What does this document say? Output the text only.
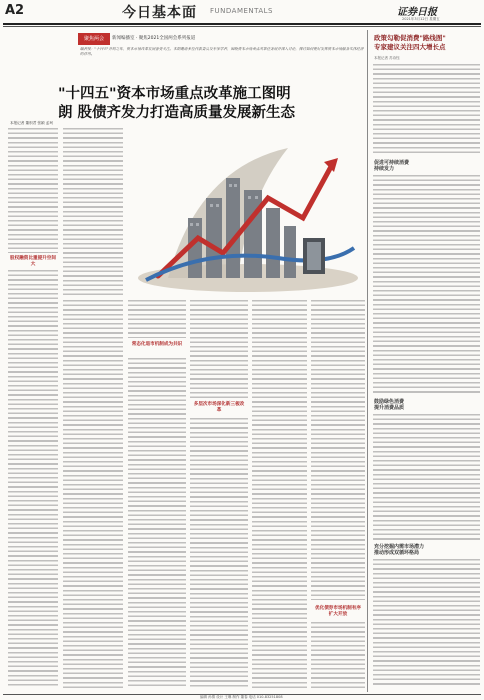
A2	今日基本面 FUNDAMENTALS	证券日报
2021年3月12日 星期五
聚焦两会	新闻编播室 · 聚焦2021全国两会系列报道
编者按："十四五"开局之年，资本市场改革发展备受关注。本期邀请多位代表委员及专家学者，围绕资本市场重点改革任务展开深入讨论，探讨如何更好发挥资本市场服务实体经济的作用。
"十四五"资本市场重点改革施工图明朗 股债齐发力打造高质量发展新生态
本报记者 董枳君 张颖 孟珂
股权融资比重提升空间大
常态化退市机制成为共识
多层次市场深化新三板改革
优化债券市场机制有序扩大开放
政策勾勒促消费"路线图"
专家建议关注四大增长点
本报记者 苏诗钰
促进可持续消费
持续发力
鼓励绿色消费
提升消费品质
充分挖掘内需市场潜力
推动形成双循环格局
编辑 孙倩 设计 王琳 制作 董春 电话 010-83251808
